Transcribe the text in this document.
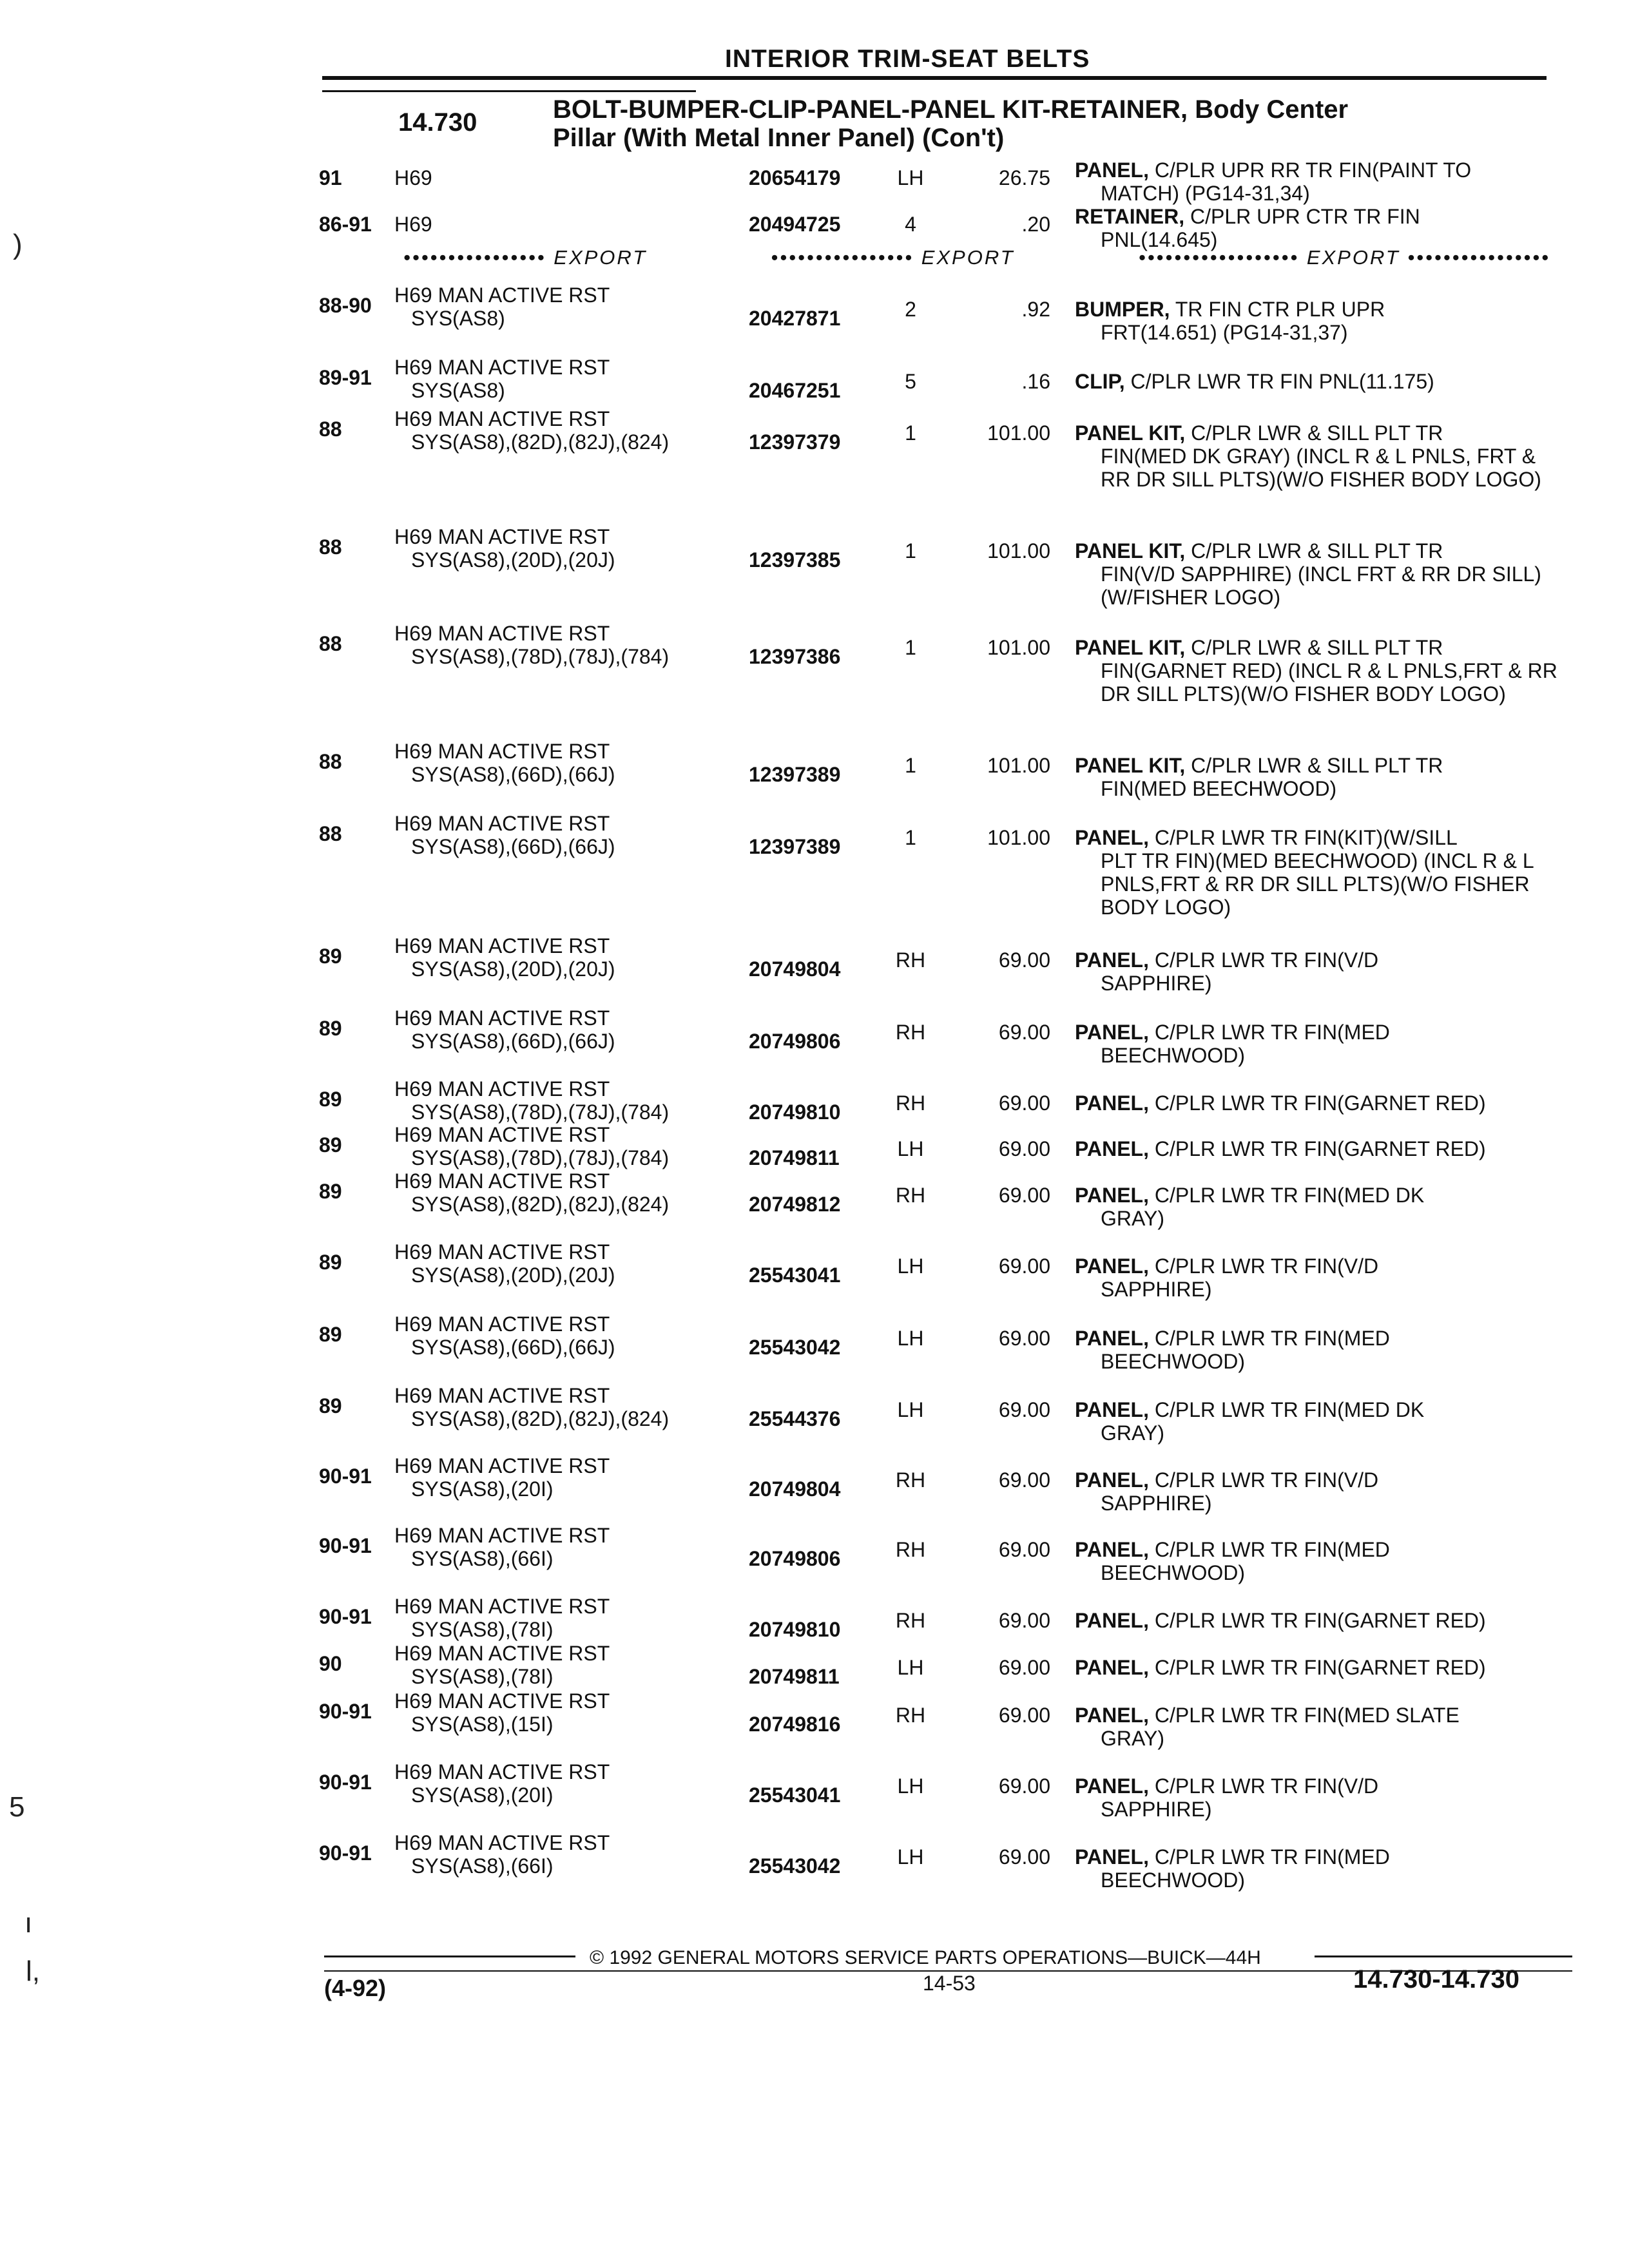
INTERIOR TRIM-SEAT BELTS
14.730	BOLT-BUMPER-CLIP-PANEL-PANEL KIT-RETAINER, Body Center
Pillar (With Metal Inner Panel) (Con't)
91	H69	20654179	LH	26.75 PANEL, C/PLR UPR RR TR FIN(PAINT TO
MATCH) (PG14-31,34)
86-91 H69	20494725	4	.20 RETAINER, C/PLR UPR CTR TR FIN
PNL(14.645)
•••••••••••••••• EXPORT	•••••••••••••••• EXPORT	•••••••••••••••••• EXPORT ••••••••••••••••
88-90 H69 MAN ACTIVE RST
SYS(AS8)	20427871	2	.92 BUMPER, TR FIN CTR PLR UPR
FRT(14.651) (PG14-31,37)
89-91 H69 MAN ACTIVE RST
SYS(AS8)	20467251	5	.16 CLIP, C/PLR LWR TR FIN PNL(11.175)
88	H69 MAN ACTIVE RST
SYS(AS8),(82D),(82J),(824)	12397379	1	101.00 PANEL KIT, C/PLR LWR & SILL PLT TR
FIN(MED DK GRAY) (INCL R & L PNLS, FRT & RR DR SILL PLTS)(W/O FISHER BODY LOGO)
88	H69 MAN ACTIVE RST
SYS(AS8),(20D),(20J)	12397385	1	101.00 PANEL KIT, C/PLR LWR & SILL PLT TR
FIN(V/D SAPPHIRE) (INCL FRT & RR DR SILL)(W/FISHER LOGO)
88	H69 MAN ACTIVE RST
SYS(AS8),(78D),(78J),(784)	12397386	1	101.00 PANEL KIT, C/PLR LWR & SILL PLT TR
FIN(GARNET RED) (INCL R & L PNLS,FRT & RR DR SILL PLTS)(W/O FISHER BODY LOGO)
88	H69 MAN ACTIVE RST
SYS(AS8),(66D),(66J)	12397389	1	101.00 PANEL KIT, C/PLR LWR & SILL PLT TR
FIN(MED BEECHWOOD)
88	H69 MAN ACTIVE RST
SYS(AS8),(66D),(66J)	12397389	1	101.00 PANEL, C/PLR LWR TR FIN(KIT)(W/SILL
PLT TR FIN)(MED BEECHWOOD) (INCL R & L PNLS,FRT & RR DR SILL PLTS)(W/O FISHER BODY LOGO)
89	H69 MAN ACTIVE RST
SYS(AS8),(20D),(20J)	20749804	RH	69.00 PANEL, C/PLR LWR TR FIN(V/D
SAPPHIRE)
89	H69 MAN ACTIVE RST
SYS(AS8),(66D),(66J)	20749806	RH	69.00 PANEL, C/PLR LWR TR FIN(MED
BEECHWOOD)
89	H69 MAN ACTIVE RST
SYS(AS8),(78D),(78J),(784)	20749810	RH	69.00 PANEL, C/PLR LWR TR FIN(GARNET RED)
89	H69 MAN ACTIVE RST
SYS(AS8),(78D),(78J),(784)	20749811	LH	69.00 PANEL, C/PLR LWR TR FIN(GARNET RED)
89	H69 MAN ACTIVE RST
SYS(AS8),(82D),(82J),(824)	20749812	RH	69.00 PANEL, C/PLR LWR TR FIN(MED DK
GRAY)
89	H69 MAN ACTIVE RST
SYS(AS8),(20D),(20J)	25543041	LH	69.00 PANEL, C/PLR LWR TR FIN(V/D
SAPPHIRE)
89	H69 MAN ACTIVE RST
SYS(AS8),(66D),(66J)	25543042	LH	69.00 PANEL, C/PLR LWR TR FIN(MED
BEECHWOOD)
89	H69 MAN ACTIVE RST
SYS(AS8),(82D),(82J),(824)	25544376	LH	69.00 PANEL, C/PLR LWR TR FIN(MED DK
GRAY)
90-91 H69 MAN ACTIVE RST
SYS(AS8),(20I)	20749804	RH	69.00 PANEL, C/PLR LWR TR FIN(V/D
SAPPHIRE)
90-91 H69 MAN ACTIVE RST
SYS(AS8),(66I)	20749806	RH	69.00 PANEL, C/PLR LWR TR FIN(MED
BEECHWOOD)
90-91 H69 MAN ACTIVE RST
SYS(AS8),(78I)	20749810	RH	69.00 PANEL, C/PLR LWR TR FIN(GARNET RED)
90	H69 MAN ACTIVE RST
SYS(AS8),(78I)	20749811	LH	69.00 PANEL, C/PLR LWR TR FIN(GARNET RED)
90-91 H69 MAN ACTIVE RST
SYS(AS8),(15I)	20749816	RH	69.00 PANEL, C/PLR LWR TR FIN(MED SLATE
GRAY)
90-91 H69 MAN ACTIVE RST
SYS(AS8),(20I)	25543041	LH	69.00 PANEL, C/PLR LWR TR FIN(V/D
SAPPHIRE)
90-91 H69 MAN ACTIVE RST
SYS(AS8),(66I)	25543042	LH	69.00 PANEL, C/PLR LWR TR FIN(MED
BEECHWOOD)
© 1992 GENERAL MOTORS SERVICE PARTS OPERATIONS—BUICK—44H
(4-92)	14-53	14.730-14.730
)
5
ı
l,
